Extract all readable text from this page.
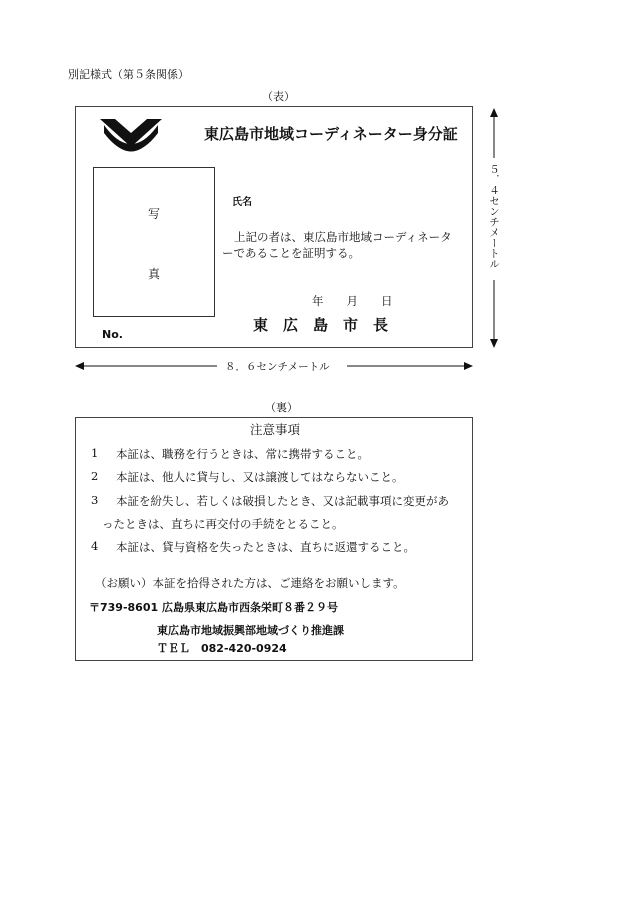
別記様式（第５条関係）
（表）
東広島市地域コーディネーター身分証
写
真
氏名
上記の者は、東広島市地域コーディネータ
ーであることを証明する。
年　　月　　日
東　広　島　市　長
No.
５．４センチメートル
８．６センチメートル
（裏）
注意事項
1 本証は、職務を行うときは、常に携帯すること。
2 本証は、他人に貸与し、又は譲渡してはならないこと。
3 本証を紛失し、若しくは破損したとき、又は記載事項に変更があ
ったときは、直ちに再交付の手続をとること。
4 本証は、貸与資格を失ったときは、直ちに返還すること。
（お願い）本証を拾得された方は、ご連絡をお願いします。
〒739-8601 広島県東広島市西条栄町８番２９号
東広島市地域振興部地域づくり推進課
ＴＥＬ　082-420-0924
